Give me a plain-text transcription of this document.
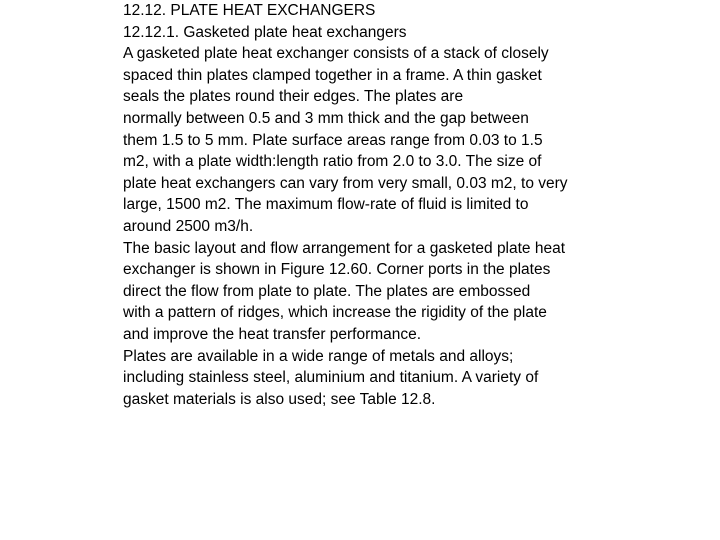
12.12. PLATE HEAT EXCHANGERS

12.12.1. Gasketed plate heat exchangers

A gasketed plate heat exchanger consists of a stack of closely
spaced thin plates clamped together in a frame. A thin gasket
seals the plates round their edges. The plates are
normally between 0.5 and 3 mm thick and the gap between
them 1.5 to 5 mm. Plate surface areas range from 0.03 to 1.5
m2, with a plate width:length ratio from 2.0 to 3.0. The size of
plate heat exchangers can vary from very small, 0.03 m2, to very
large, 1500 m2. The maximum flow-rate of fluid is limited to
around 2500 m3/h.

The basic layout and flow arrangement for a gasketed plate heat
exchanger is shown in Figure 12.60. Corner ports in the plates
direct the flow from plate to plate. The plates are embossed
with a pattern of ridges, which increase the rigidity of the plate
and improve the heat transfer performance.

Plates are available in a wide range of metals and alloys;
including stainless steel, aluminium and titanium. A variety of
gasket materials is also used; see Table 12.8.
